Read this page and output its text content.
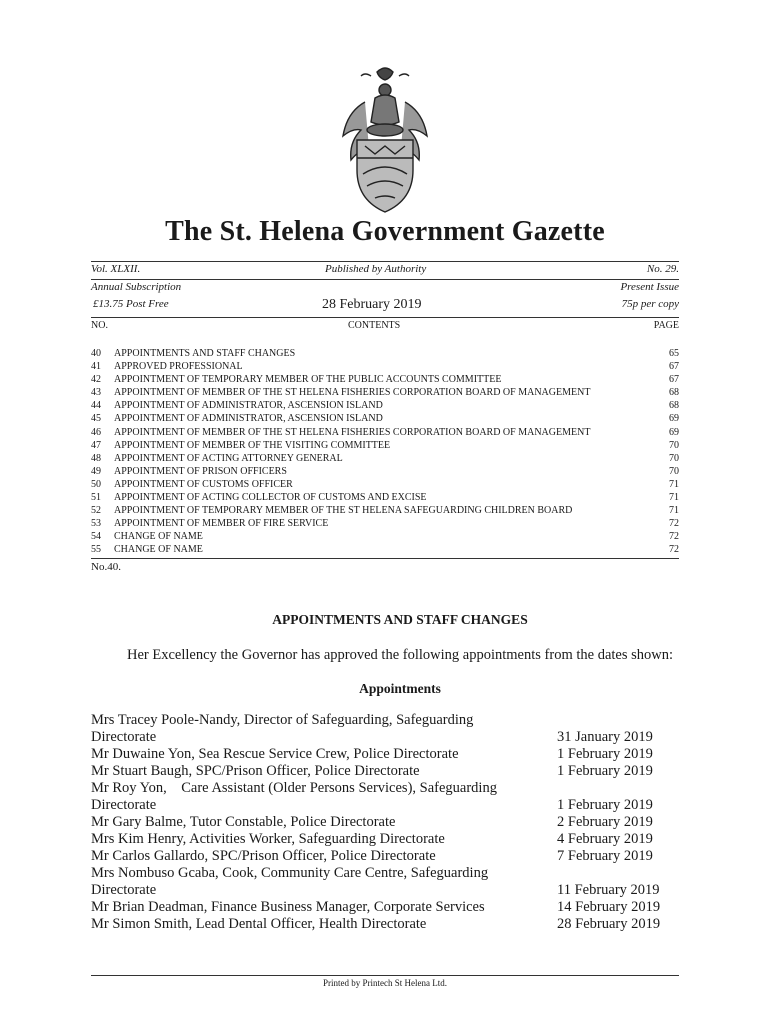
The St. Helena Government Gazette
Vol. XLXII.	Published by Authority	No. 29.
Annual Subscription	Present Issue
£13.75 Post Free	28 February 2019	75p per copy
NO.	CONTENTS	PAGE
40	APPOINTMENTS AND STAFF CHANGES	65
41	APPROVED PROFESSIONAL	67
42	APPOINTMENT OF TEMPORARY MEMBER OF THE PUBLIC ACCOUNTS COMMITTEE	67
43	APPOINTMENT OF MEMBER OF THE ST HELENA FISHERIES CORPORATION BOARD OF MANAGEMENT	68
44	APPOINTMENT OF ADMINISTRATOR, ASCENSION ISLAND	68
45	APPOINTMENT OF ADMINISTRATOR, ASCENSION ISLAND	69
46	APPOINTMENT OF MEMBER OF THE ST HELENA FISHERIES CORPORATION BOARD OF MANAGEMENT	69
47	APPOINTMENT OF MEMBER OF THE VISITING COMMITTEE	70
48	APPOINTMENT OF ACTING ATTORNEY GENERAL	70
49	APPOINTMENT OF PRISON OFFICERS	70
50	APPOINTMENT OF CUSTOMS OFFICER	71
51	APPOINTMENT OF ACTING COLLECTOR OF CUSTOMS AND EXCISE	71
52	APPOINTMENT OF TEMPORARY MEMBER OF THE ST HELENA SAFEGUARDING CHILDREN BOARD	71
53	APPOINTMENT OF MEMBER OF FIRE SERVICE	72
54	CHANGE OF NAME	72
55	CHANGE OF NAME	72
No.40.
APPOINTMENTS AND STAFF CHANGES
Her Excellency the Governor has approved the following appointments from the dates shown:
Appointments
Mrs Tracey Poole-Nandy, Director of Safeguarding, Safeguarding
Directorate	31 January 2019
Mr Duwaine Yon, Sea Rescue Service Crew, Police Directorate	1 February 2019
Mr Stuart Baugh, SPC/Prison Officer, Police Directorate	1 February 2019
Mr Roy Yon,    Care Assistant (Older Persons Services), Safeguarding
Directorate	1 February 2019
Mr Gary Balme, Tutor Constable, Police Directorate	2 February 2019
Mrs Kim Henry, Activities Worker, Safeguarding Directorate	4 February 2019
Mr Carlos Gallardo, SPC/Prison Officer, Police Directorate	7 February 2019
Mrs Nombuso Gcaba, Cook, Community Care Centre, Safeguarding
Directorate	11 February 2019
Mr Brian Deadman, Finance Business Manager, Corporate Services	14 February 2019
Mr Simon Smith, Lead Dental Officer, Health Directorate	28 February 2019
Printed by Printech St Helena Ltd.
